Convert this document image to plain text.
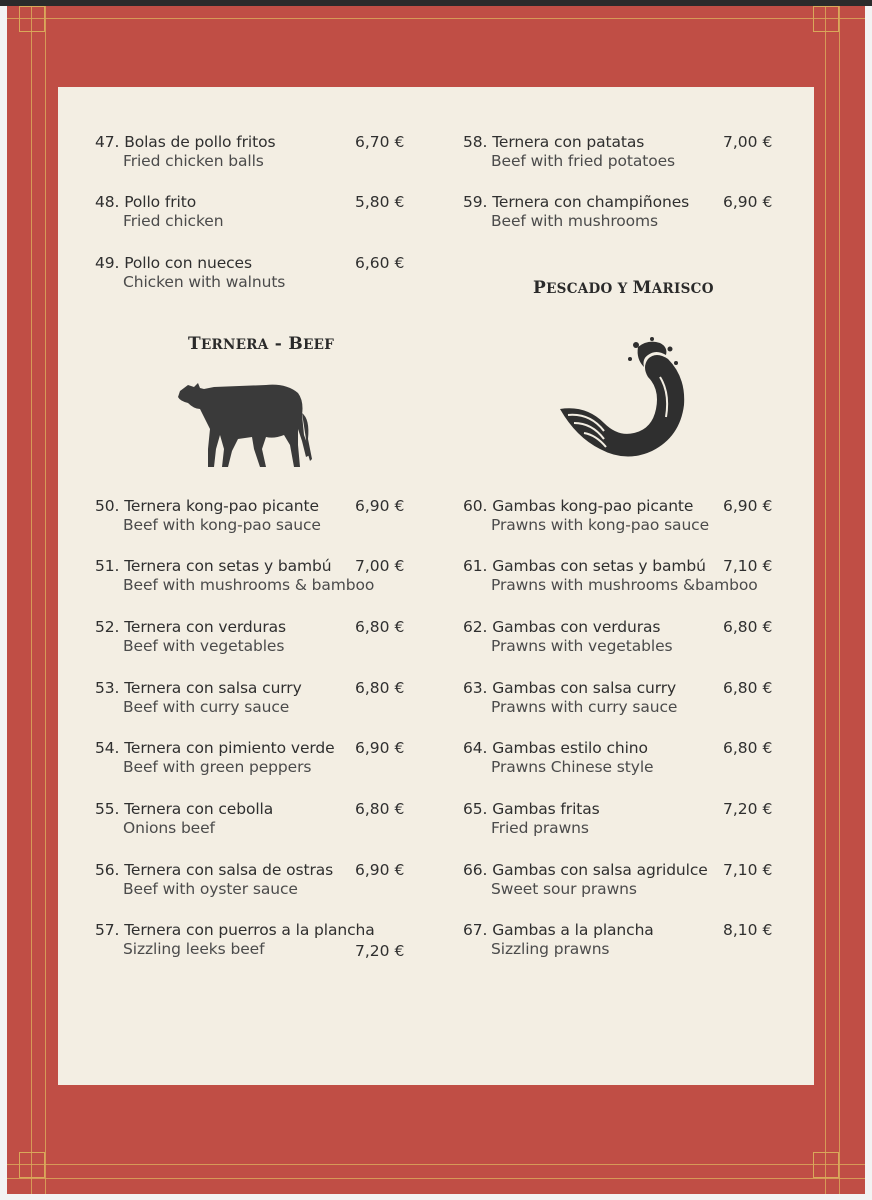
47. Bolas de pollo fritos
Fried chicken balls
6,70 €
48. Pollo frito
Fried chicken
5,80 €
49. Pollo con nueces
Chicken with walnuts
6,60 €
58. Ternera con patatas
Beef with fried potatoes
7,00 €
59. Ternera con champiñones
Beef with mushrooms
6,90 €
50. Ternera kong-pao picante
Beef with kong-pao sauce
6,90 €
51. Ternera con setas y bambú
Beef with mushrooms & bamboo
7,00 €
52. Ternera con verduras
Beef with vegetables
6,80 €
53. Ternera con salsa curry
Beef with curry sauce
6,80 €
54. Ternera con pimiento verde
Beef with green peppers
6,90 €
55. Ternera con cebolla
Onions beef
6,80 €
56. Ternera con salsa de ostras
Beef with oyster sauce
6,90 €
57. Ternera con puerros a la plancha
Sizzling leeks beef	7,20 €
60. Gambas kong-pao picante
Prawns with kong-pao sauce
6,90 €
61. Gambas con setas y bambú
Prawns with mushrooms &bamboo
7,10 €
62. Gambas con verduras
Prawns with vegetables
6,80 €
63. Gambas con salsa curry
Prawns with curry sauce
6,80 €
64. Gambas estilo chino
Prawns Chinese style
6,80 €
65. Gambas fritas
Fried prawns
7,20 €
66. Gambas con salsa agridulce
Sweet sour prawns
7,10 €
67. Gambas a la plancha
Sizzling prawns
8,10 €
TERNERA - BEEF
PESCADO Y MARISCO
